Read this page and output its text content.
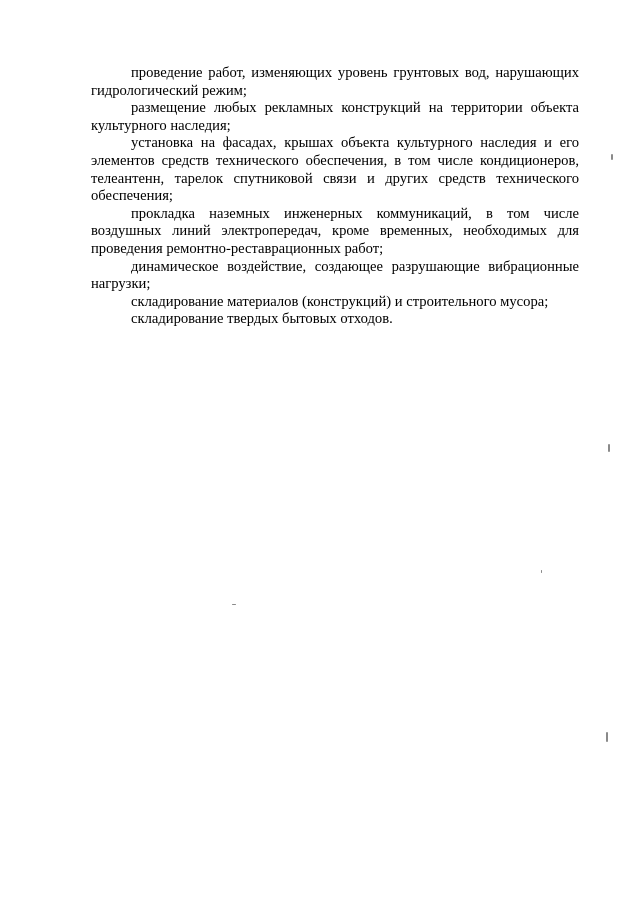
проведение работ, изменяющих уровень грунтовых вод, нарушающих гидрологический режим;

размещение любых рекламных конструкций на территории объекта культурного наследия;

установка на фасадах, крышах объекта культурного наследия и его элементов средств технического обеспечения, в том числе кондиционеров, телеантенн, тарелок спутниковой связи и других средств технического обеспечения;

прокладка наземных инженерных коммуникаций, в том числе воздушных линий электропередач, кроме временных, необходимых для проведения ремонтно-реставрационных работ;

динамическое воздействие, создающее разрушающие вибрационные нагрузки;

складирование материалов (конструкций) и строительного мусора;

складирование твердых бытовых отходов.
